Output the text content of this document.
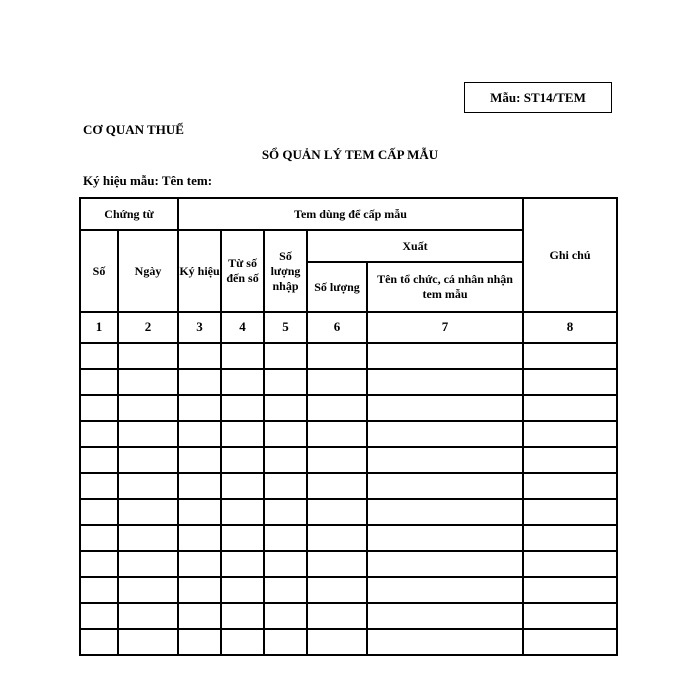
Mẫu: ST14/TEM
CƠ QUAN THUẾ
SỔ QUẢN LÝ TEM CẤP MẪU
Ký hiệu mẫu: Tên tem:
Chứng từ		Tem dùng để cấp mẫu					Ghi chú
Số	Ngày	Ký hiệu	Từ số đến số	Số lượng nhập	Xuất		
					Số lượng	Tên tổ chức, cá nhân nhận tem mẫu	
1	2	3	4	5	6	7	8
